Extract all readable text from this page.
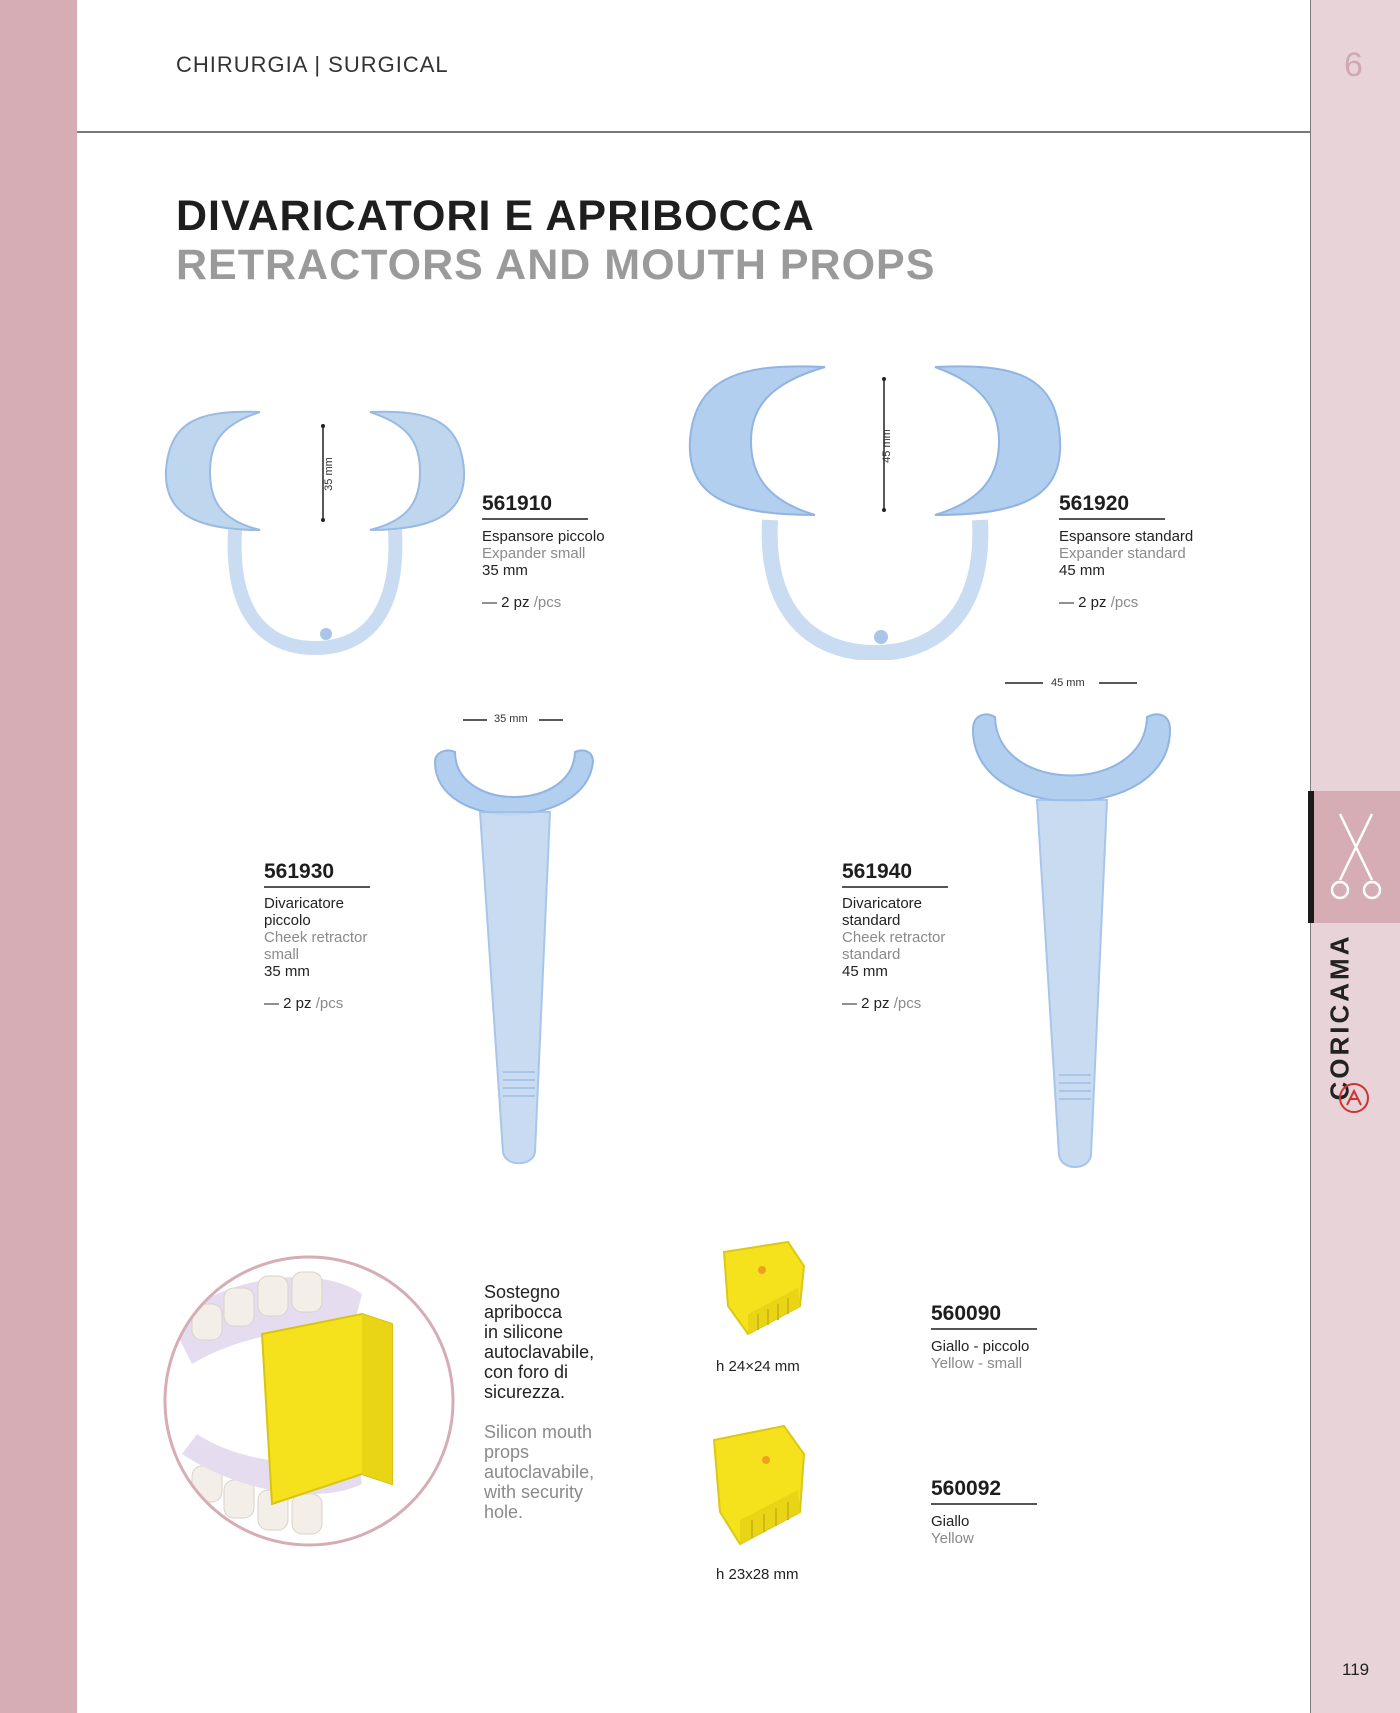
CHIRURGIA | SURGICAL	6
DIVARICATORI E APRIBOCCA
RETRACTORS AND MOUTH PROPS
CORICAMA
119
35 mm
561910
Espansore piccolo
Expander small
35 mm
— 2 pz /pcs
45 mm
561920
Espansore standard
Expander standard
45 mm
— 2 pz /pcs
35 mm
561930
Divaricatore
piccolo
Cheek retractor
small
35 mm
— 2 pz /pcs
45 mm
561940
Divaricatore
standard
Cheek retractor
standard
45 mm
— 2 pz /pcs
Sostegno
apribocca
in silicone
autoclavabile,
con foro di
sicurezza.
Silicon mouth
props
autoclavabile,
with security
hole.
h 24×24 mm
560090
Giallo - piccolo
Yellow - small
h 23x28 mm
560092
Giallo
Yellow
